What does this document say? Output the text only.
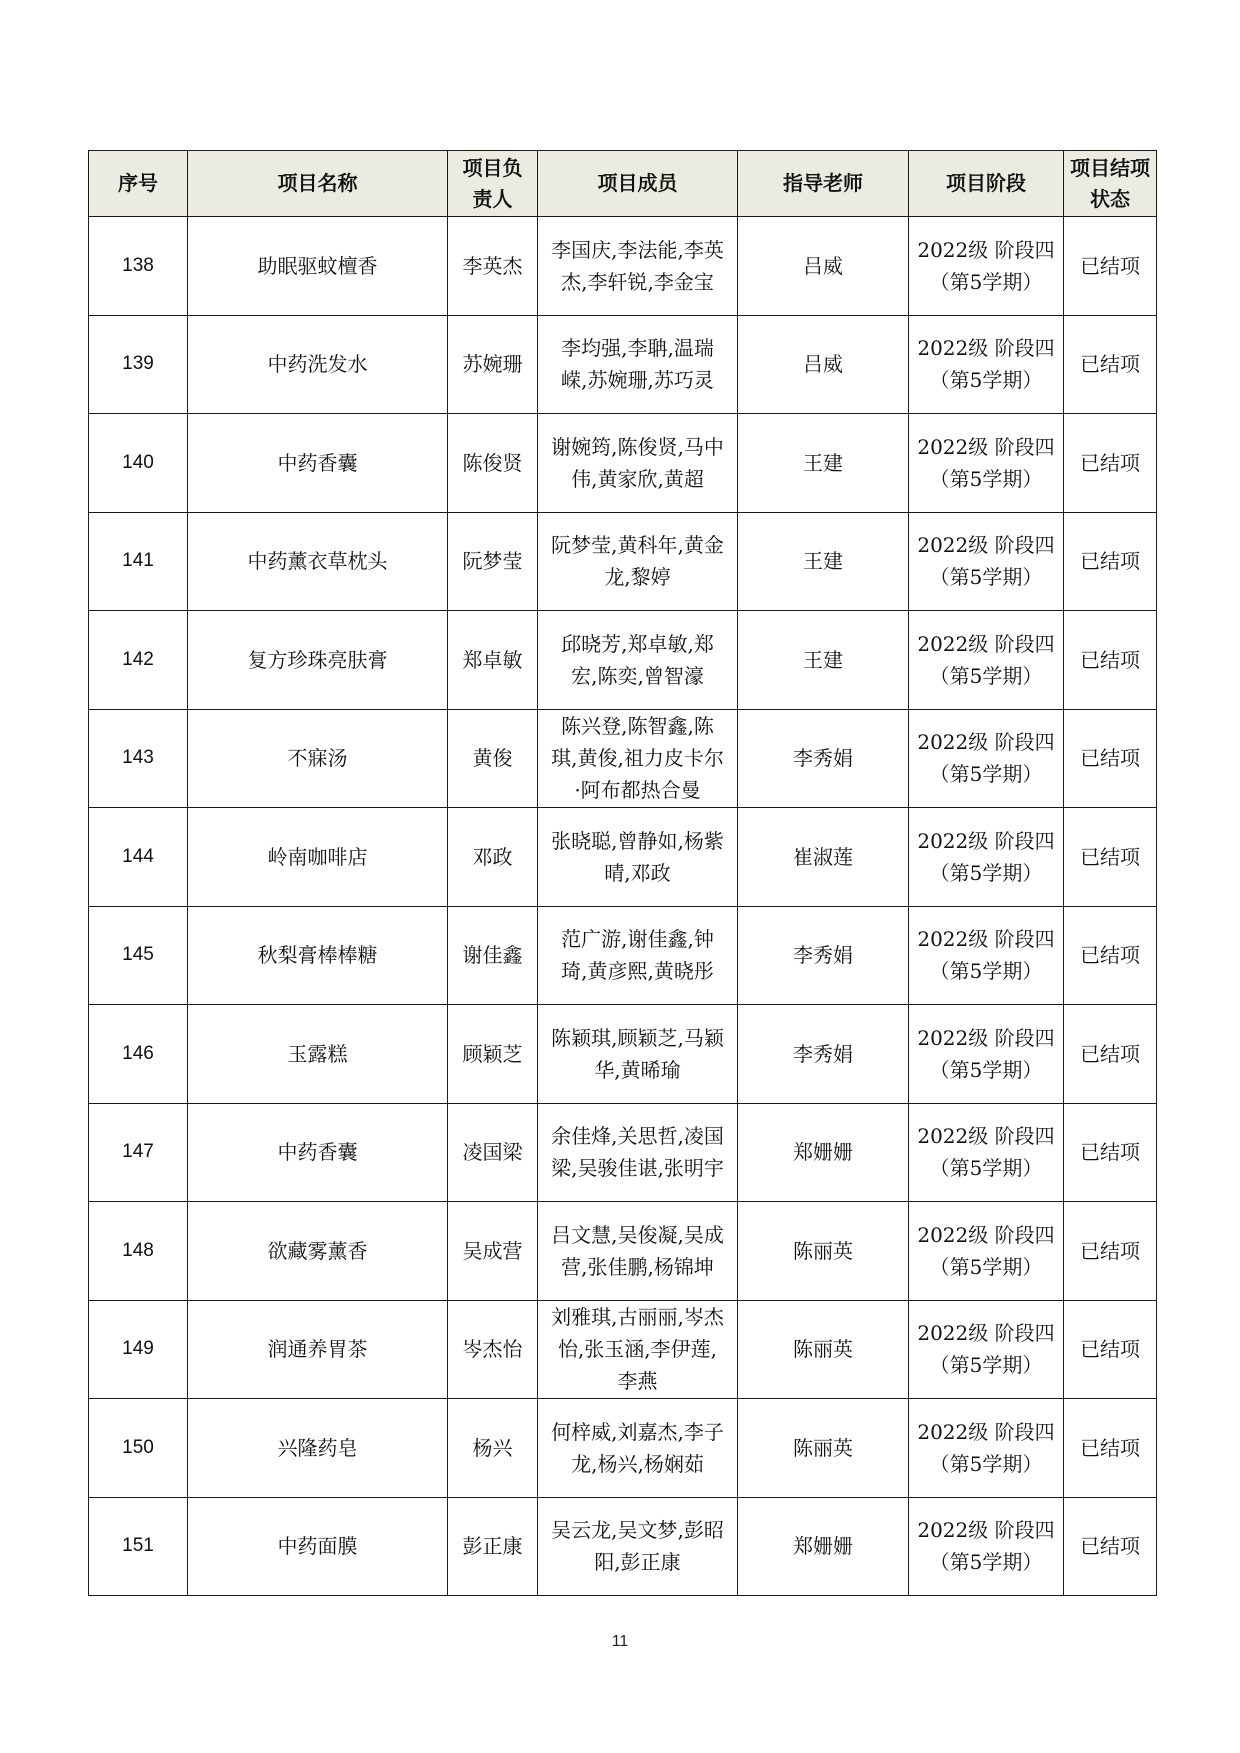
序号	项目名称	项目负责人	项目成员	指导老师	项目阶段	项目结项状态
138	助眠驱蚊檀香	李英杰	李国庆,李法能,李英杰,李轩锐,李金宝	吕威	2022级 阶段四（第5学期）	已结项
139	中药洗发水	苏婉珊	李均强,李聃,温瑞嵘,苏婉珊,苏巧灵	吕威	2022级 阶段四（第5学期）	已结项
140	中药香囊	陈俊贤	谢婉筠,陈俊贤,马中伟,黄家欣,黄超	王建	2022级 阶段四（第5学期）	已结项
141	中药薰衣草枕头	阮梦莹	阮梦莹,黄科年,黄金龙,黎婷	王建	2022级 阶段四（第5学期）	已结项
142	复方珍珠亮肤膏	郑卓敏	邱晓芳,郑卓敏,郑宏,陈奕,曾智濠	王建	2022级 阶段四（第5学期）	已结项
143	不寐汤	黄俊	陈兴登,陈智鑫,陈琪,黄俊,祖力皮卡尔·阿布都热合曼	李秀娟	2022级 阶段四（第5学期）	已结项
144	岭南咖啡店	邓政	张晓聪,曾静如,杨紫晴,邓政	崔淑莲	2022级 阶段四（第5学期）	已结项
145	秋梨膏棒棒糖	谢佳鑫	范广游,谢佳鑫,钟琦,黄彦熙,黄晓彤	李秀娟	2022级 阶段四（第5学期）	已结项
146	玉露糕	顾颖芝	陈颖琪,顾颖芝,马颖华,黄晞瑜	李秀娟	2022级 阶段四（第5学期）	已结项
147	中药香囊	凌国梁	余佳烽,关思哲,凌国梁,吴骏佳谌,张明宇	郑姗姗	2022级 阶段四（第5学期）	已结项
148	欲藏雾薰香	吴成营	吕文慧,吴俊凝,吴成营,张佳鹏,杨锦坤	陈丽英	2022级 阶段四（第5学期）	已结项
149	润通养胃茶	岑杰怡	刘雅琪,古丽丽,岑杰怡,张玉涵,李伊莲,李燕	陈丽英	2022级 阶段四（第5学期）	已结项
150	兴隆药皂	杨兴	何梓威,刘嘉杰,李子龙,杨兴,杨娴茹	陈丽英	2022级 阶段四（第5学期）	已结项
151	中药面膜	彭正康	吴云龙,吴文梦,彭昭阳,彭正康	郑姗姗	2022级 阶段四（第5学期）	已结项
11
